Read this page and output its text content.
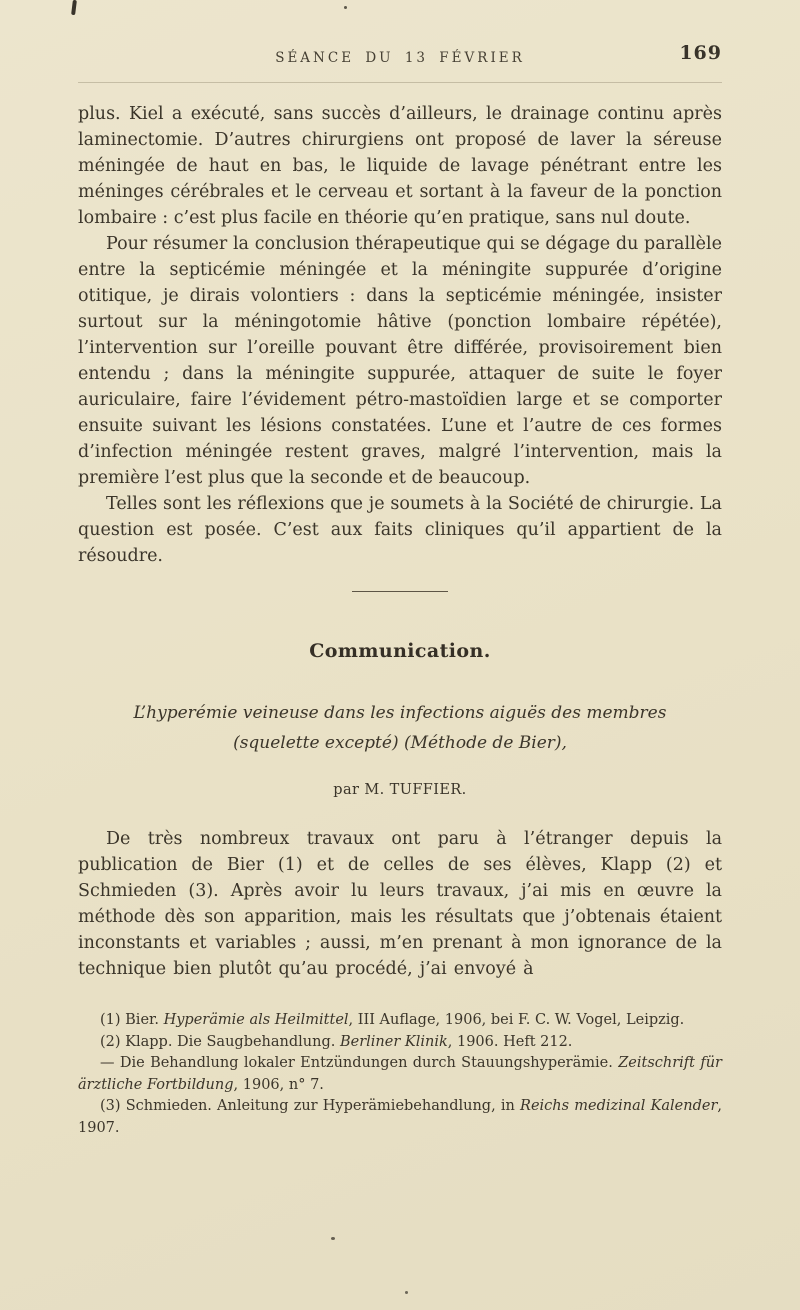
SÉANCE DU 13 FÉVRIER	169

plus. Kiel a exécuté, sans succès d’ailleurs, le drainage continu après laminectomie. D’autres chirurgiens ont proposé de laver la séreuse méningée de haut en bas, le liquide de lavage pénétrant entre les méninges cérébrales et le cerveau et sortant à la faveur de la ponction lombaire : c’est plus facile en théorie qu’en pratique, sans nul doute.

Pour résumer la conclusion thérapeutique qui se dégage du parallèle entre la septicémie méningée et la méningite suppurée d’origine otitique, je dirais volontiers : dans la septicémie méningée, insister surtout sur la méningotomie hâtive (ponction lombaire répétée), l’intervention sur l’oreille pouvant être différée, provisoirement bien entendu ; dans la méningite suppurée, attaquer de suite le foyer auriculaire, faire l’évidement pétro-mastoïdien large et se comporter ensuite suivant les lésions constatées. L’une et l’autre de ces formes d’infection méningée restent graves, malgré l’intervention, mais la première l’est plus que la seconde et de beaucoup.

Telles sont les réflexions que je soumets à la Société de chirurgie. La question est posée. C’est aux faits cliniques qu’il appartient de la résoudre.

Communication.

L’hyperémie veineuse dans les infections aiguës des membres
(squelette excepté) (Méthode de Bier),

par M. TUFFIER.

De très nombreux travaux ont paru à l’étranger depuis la publication de Bier (1) et de celles de ses élèves, Klapp (2) et Schmieden (3). Après avoir lu leurs travaux, j’ai mis en œuvre la méthode dès son apparition, mais les résultats que j’obtenais étaient inconstants et variables ; aussi, m’en prenant à mon ignorance de la technique bien plutôt qu’au procédé, j’ai envoyé à

(1) Bier. Hyperämie als Heilmittel, III Auflage, 1906, bei F. C. W. Vogel, Leipzig.

(2) Klapp. Die Saugbehandlung. Berliner Klinik, 1906. Heft 212.

— Die Behandlung lokaler Entzündungen durch Stauungshyperämie. Zeitschrift für ärztliche Fortbildung, 1906, n° 7.

(3) Schmieden. Anleitung zur Hyperämiebehandlung, in Reichs medizinal Kalender, 1907.
